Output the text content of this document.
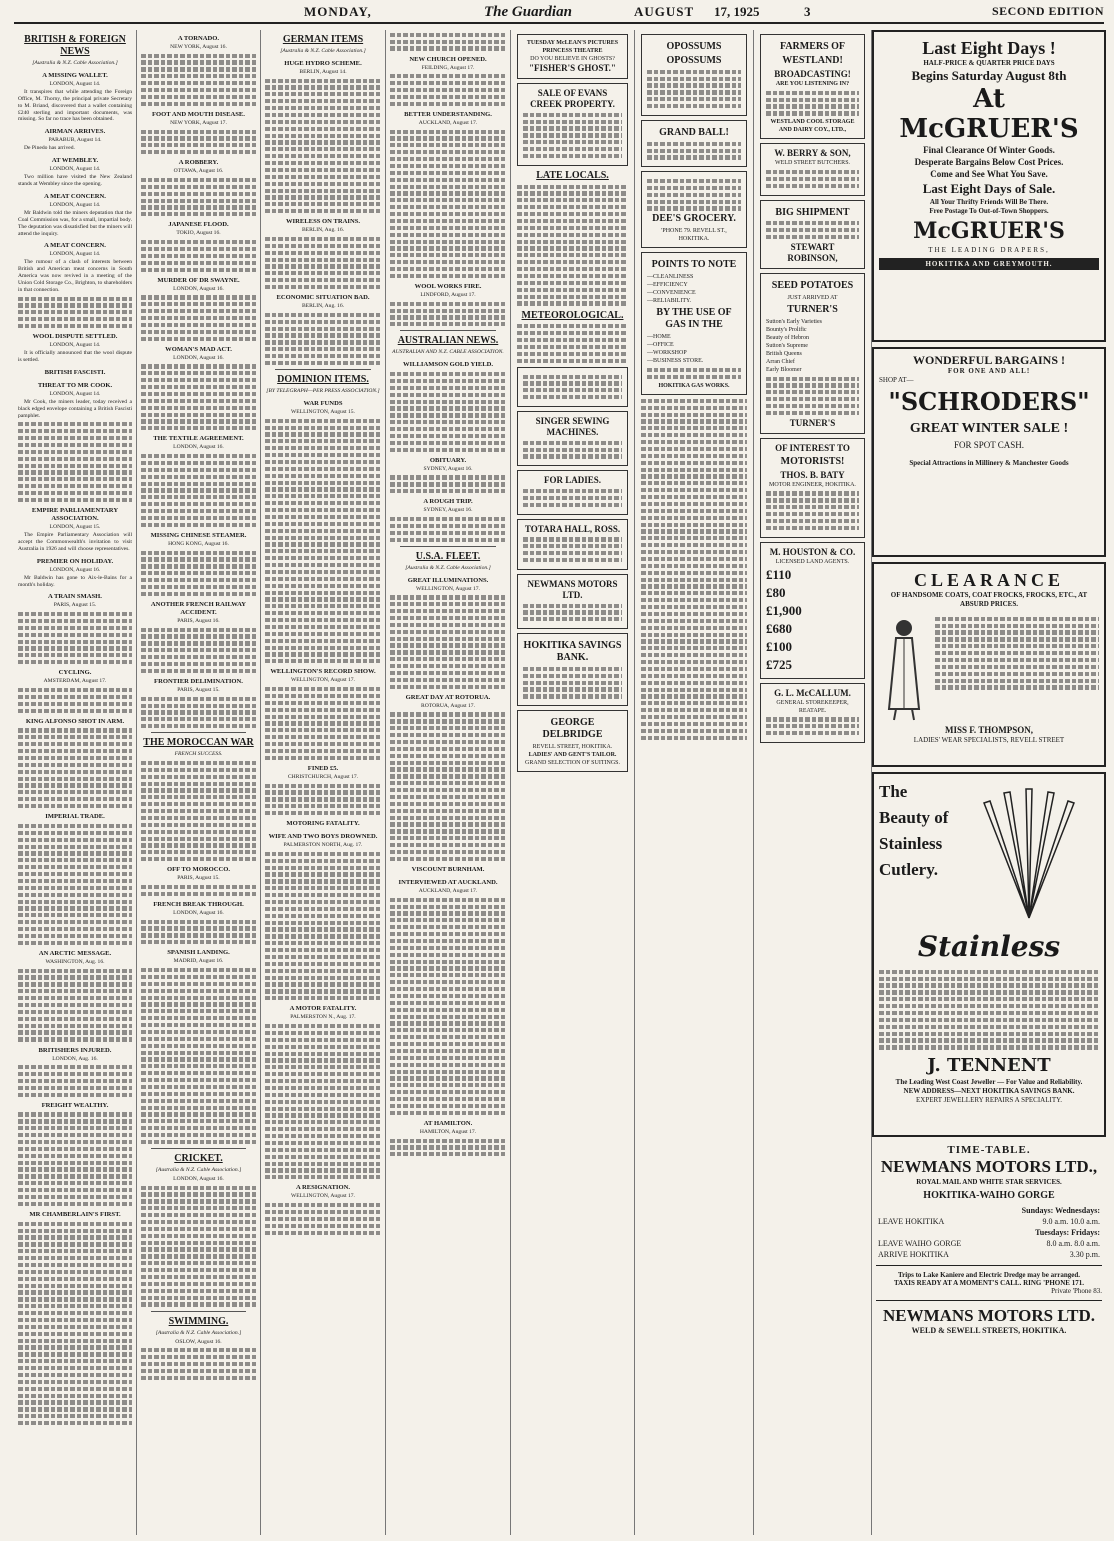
MONDAY,	The Guardian	AUGUST 17, 1925	3	SECOND EDITION
BRITISH & FOREIGN NEWS
[Australia & N.Z. Cable Association.]
A MISSING WALLET.
LONDON, August 14.

It transpires that while attending the Foreign Office, M. Thorny, the principal private Secretary to M. Briand, discovered that a wallet containing £240 sterling and important documents, was missing. So far no trace has been obtained.

AIRMAN ARRIVES.
PARABUB, August 14.

De Pinedo has arrived.

AT WEMBLEY.
LONDON, August 14.

Two million have visited the New Zealand stands at Wembley since the opening.

A MEAT CONCERN.
LONDON, August 14.

Mr Baldwin told the miners deputation that the Coal Commission was, for a small, impartial body. The deputation was dissatisfied but the miners will attend the inquiry.

A MEAT CONCERN.
LONDON, August 14.

The rumour of a clash of interests between British and American meat concerns in South America was now revived in a meeting of the Union Cold Storage Co., Brighton, to shareholders in that connection.

WOOL DISPUTE SETTLED.
LONDON, August 14.

It is officially announced that the wool dispute is settled.

BRITISH FASCISTI.
THREAT TO MR COOK.
LONDON, August 14.

Mr Cook, the miners leader, today received a black edged envelope containing a British Fascisti pamphlet.

EMPIRE PARLIAMENTARY ASSOCIATION.
LONDON, August 15.

The Empire Parliamentary Association will accept the Commonwealth's invitation to visit Australia in 1926 and will choose representatives.

PREMIER ON HOLIDAY.
LONDON, August 16.

Mr Baldwin has gone to Aix-le-Bains for a month's holiday.

A TRAIN SMASH.
PARIS, August 15.
CYCLING.
AMSTERDAM, August 17.
KING ALFONSO SHOT IN ARM.
IMPERIAL TRADE.
AN ARCTIC MESSAGE.
WASHINGTON, Aug. 16.
BRITISHERS INJURED.
LONDON, Aug. 16.
FREIGHT WEALTHY.
MR CHAMBERLAIN'S FIRST.
A TORNADO.
NEW YORK, August 16.
FOOT AND MOUTH DISEASE.
NEW YORK, August 17.
A ROBBERY.
OTTAWA, August 16.
JAPANESE FLOOD.
TOKIO, August 16.
MURDER OF DR SWAYNE.
LONDON, August 16.
WOMAN'S MAD ACT.
LONDON, August 16.
THE TEXTILE AGREEMENT.
LONDON, August 16.
MISSING CHINESE STEAMER.
HONG KONG, August 16.
ANOTHER FRENCH RAILWAY ACCIDENT.
PARIS, August 16.
FRONTIER DELIMINATION.
PARIS, August 15.
THE MOROCCAN WAR
FRENCH SUCCESS.
OFF TO MOROCCO.
PARIS, August 15.
FRENCH BREAK THROUGH.
LONDON, August 16.
SPANISH LANDING.
MADRID, August 16.
CRICKET.
[Australia & N.Z. Cable Association.]
LONDON, August 16.
SWIMMING.
[Australia & N.Z. Cable Association.]
OSLOW, August 16.
GERMAN ITEMS
[Australia & N.Z. Cable Association.]
HUGE HYDRO SCHEME.
BERLIN, August 14.
WIRELESS ON TRAINS.
BERLIN, Aug. 16.
ECONOMIC SITUATION BAD.
BERLIN, Aug. 16.
DOMINION ITEMS.
[BY TELEGRAPH—PER PRESS ASSOCIATION.]
WAR FUNDS
WELLINGTON, August 15.
WELLINGTON'S RECORD SHOW.
WELLINGTON, August 17.
FINED £5.
CHRISTCHURCH, August 17.
MOTORING FATALITY.
WIFE AND TWO BOYS DROWNED.
PALMERSTON NORTH, Aug. 17.
A MOTOR FATALITY.
PALMERSTON N., Aug. 17.
A RESIGNATION.
WELLINGTON, August 17.
NEW CHURCH OPENED.
FEILDING, August 17.
BETTER UNDERSTANDING.
AUCKLAND, August 17.
WOOL WORKS FIRE.
LINDFORD, August 17.
AUSTRALIAN NEWS.
AUSTRALIAN AND N.Z. CABLE ASSOCIATION.
WILLIAMSON GOLD YIELD.
OBITUARY.
SYDNEY, August 16.
A ROUGH TRIP.
SYDNEY, August 16.
U.S.A. FLEET.
[Australia & N.Z. Cable Association.]
GREAT ILLUMINATIONS.
WELLINGTON, August 17.
GREAT DAY AT ROTORUA.
ROTORUA, August 17.
VISCOUNT BURNHAM.
INTERVIEWED AT AUCKLAND.
AUCKLAND, August 17.
AT HAMILTON.
HAMILTON, August 17.
TUESDAY McLEAN'S PICTURES PRINCESS THEATRE
DO YOU BELIEVE IN GHOSTS?
"FISHER'S GHOST."
SALE OF EVANS CREEK PROPERTY.
LATE LOCALS.
METEOROLOGICAL.
SINGER SEWING MACHINES.
FOR LADIES.
TOTARA HALL, ROSS.
NEWMANS MOTORS LTD.
HOKITIKA SAVINGS BANK.
GEORGE DELBRIDGE
REVELL STREET, HOKITIKA.
LADIES' AND GENT'S TAILOR.
GRAND SELECTION OF SUITINGS.
FARMERS OF
WESTLAND!
BROADCASTING!
ARE YOU LISTENING IN?
WESTLAND COOL STORAGE AND DAIRY COY., LTD.,
W. BERRY & SON,
WELD STREET BUTCHERS.
BIG SHIPMENT
STEWART ROBINSON,
SEED POTATOES
JUST ARRIVED AT
TURNER'S
Sutton's Early Varieties
Bounty's Prolific
Beauty of Hebron
Sutton's Supreme
British Queens
Arran Chief
Early Bloomer
TURNER'S
OF INTEREST TO
MOTORISTS!
THOS. B. BATY
MOTOR ENGINEER, HOKITIKA.
M. HOUSTON & CO.
LICENSED LAND AGENTS.
£110
£80
£1,900
£680
£100
£725
G. L. McCALLUM.
GENERAL STOREKEEPER, REATAPE.
OPOSSUMS
OPOSSUMS
GRAND BALL!
DEE'S GROCERY.
'PHONE 79. REVELL ST., HOKITIKA.
POINTS TO NOTE
—CLEANLINESS
—EFFICIENCY
—CONVENIENCE
—RELIABILITY.
BY THE USE OF GAS IN THE
—HOME
—OFFICE
—WORKSHOP
—BUSINESS STORE.
HOKITIKA GAS WORKS.
Last Eight Days !
HALF-PRICE & QUARTER PRICE DAYS
Begins Saturday August 8th
At McGRUER'S
Final Clearance Of Winter Goods.
Desperate Bargains Below Cost Prices.
Come and See What You Save.
Last Eight Days of Sale.
All Your Thrifty Friends Will Be There.
Free Postage To Out-of-Town Shoppers.
McGRUER'S
THE LEADING DRAPERS,
HOKITIKA AND GREYMOUTH.
WONDERFUL BARGAINS !
FOR ONE AND ALL!
SHOP AT—
"SCHRODERS"
GREAT WINTER SALE !
FOR SPOT CASH.
Special Attractions in Millinery & Manchester Goods
CLEARANCE
OF HANDSOME COATS, COAT FROCKS, FROCKS, ETC., AT ABSURD PRICES.
MISS F. THOMPSON,
LADIES' WEAR SPECIALISTS, REVELL STREET
The Beauty of Stainless Cutlery.
Stainless
J. TENNENT
The Leading West Coast Jeweller — For Value and Reliability.
NEW ADDRESS—NEXT HOKITIKA SAVINGS BANK.
EXPERT JEWELLERY REPAIRS A SPECIALITY.
TIME-TABLE.
NEWMANS MOTORS LTD.,
ROYAL MAIL AND WHITE STAR SERVICES.
HOKITIKA-WAIHO GORGE
	Sundays: Wednesdays:
LEAVE HOKITIKA	9.0 a.m. 10.0 a.m.
	Tuesdays: Fridays:
LEAVE WAIHO GORGE	8.0 a.m. 8.0 a.m.
ARRIVE HOKITIKA	3.30 p.m.
Trips to Lake Kaniere and Electric Dredge may be arranged.
TAXIS READY AT A MOMENT'S CALL. RING 'PHONE 171.
Private 'Phone 83.
NEWMANS MOTORS LTD.
WELD & SEWELL STREETS, HOKITIKA.
